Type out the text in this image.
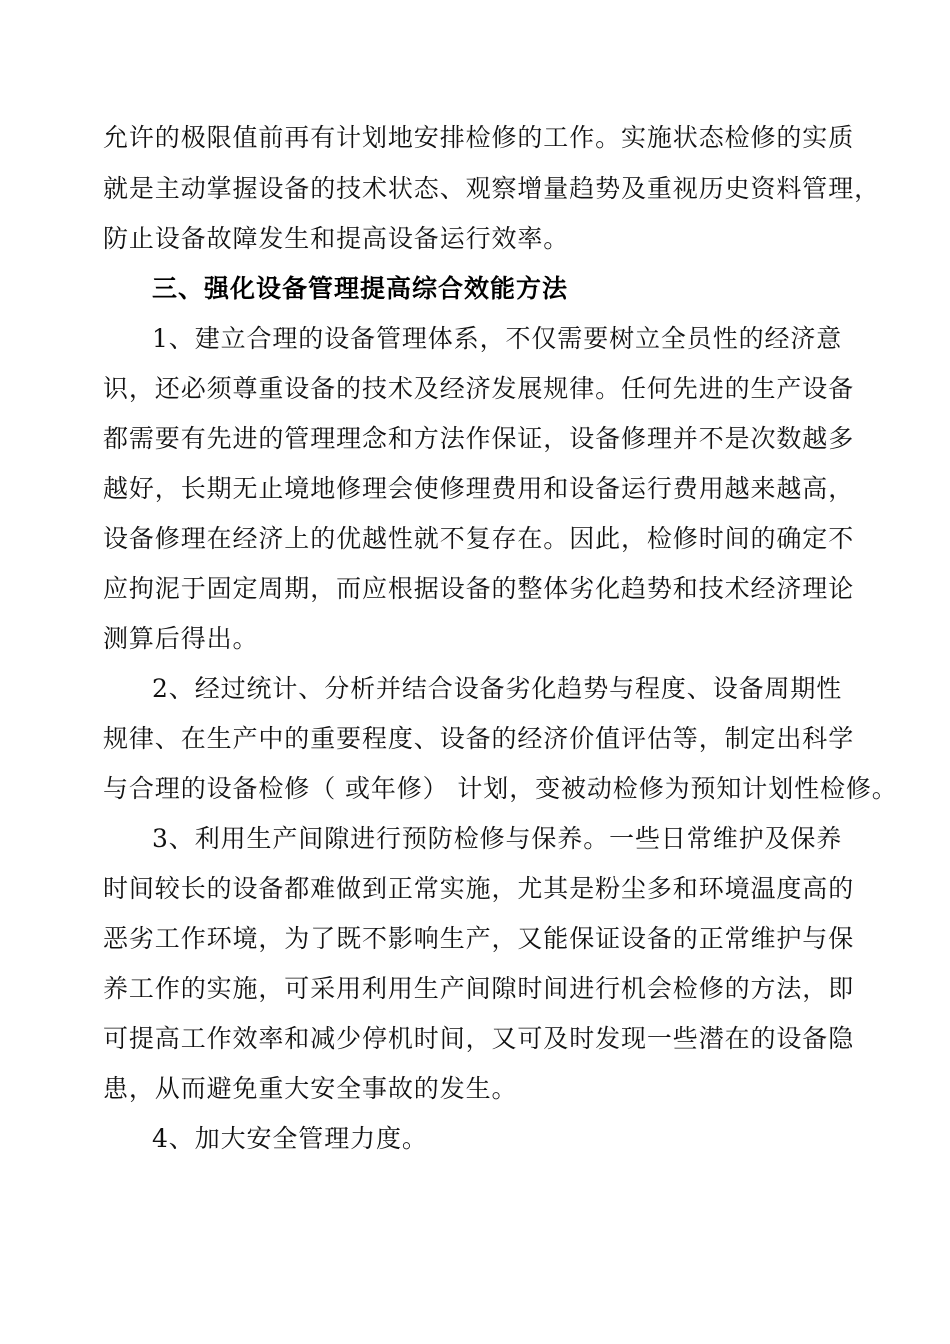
允许的极限值前再有计划地安排检修的工作。实施状态检修的实质
就是主动掌握设备的技术状态、观察增量趋势及重视历史资料管理，
防止设备故障发生和提高设备运行效率。
三、强化设备管理提高综合效能方法
1、建立合理的设备管理体系，不仅需要树立全员性的经济意
识，还必须尊重设备的技术及经济发展规律。任何先进的生产设备
都需要有先进的管理理念和方法作保证，设备修理并不是次数越多
越好，长期无止境地修理会使修理费用和设备运行费用越来越高，
设备修理在经济上的优越性就不复存在。因此，检修时间的确定不
应拘泥于固定周期，而应根据设备的整体劣化趋势和技术经济理论
测算后得出。
2、经过统计、分析并结合设备劣化趋势与程度、设备周期性
规律、在生产中的重要程度、设备的经济价值评估等，制定出科学
与合理的设备检修（ 或年修） 计划，变被动检修为预知计划性检修。
3、利用生产间隙进行预防检修与保养。一些日常维护及保养
时间较长的设备都难做到正常实施，尤其是粉尘多和环境温度高的
恶劣工作环境，为了既不影响生产，又能保证设备的正常维护与保
养工作的实施，可采用利用生产间隙时间进行机会检修的方法，即
可提高工作效率和减少停机时间，又可及时发现一些潜在的设备隐
患，从而避免重大安全事故的发生。
4、加大安全管理力度。
